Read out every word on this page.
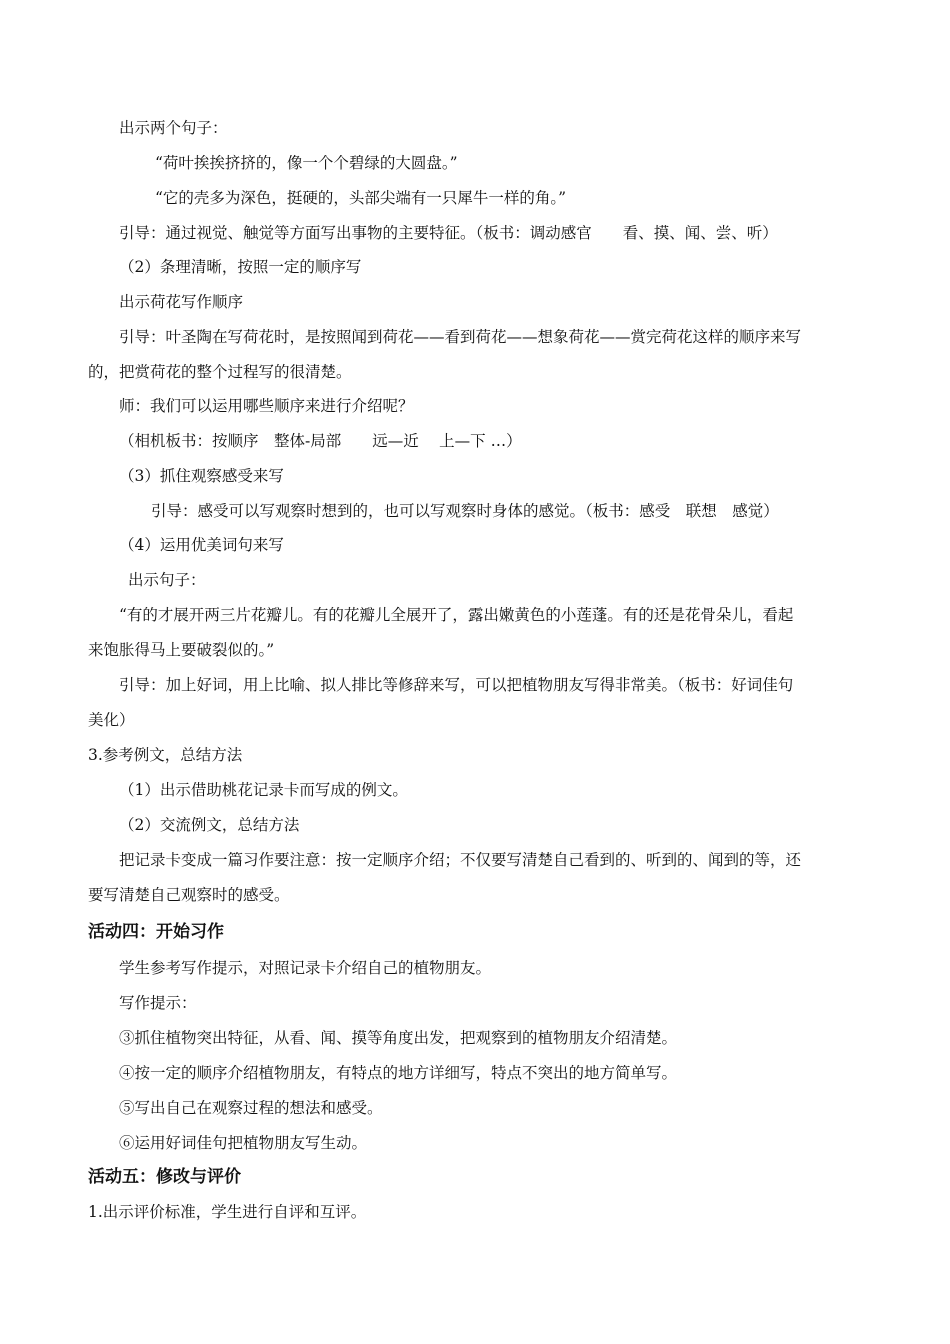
出示两个句子：

“荷叶挨挨挤挤的，像一个个碧绿的大圆盘。”

“它的壳多为深色，挺硬的，头部尖端有一只犀牛一样的角。”

引导：通过视觉、触觉等方面写出事物的主要特征。（板书：调动感官　　看、摸、闻、尝、听）

（2）条理清晰，按照一定的顺序写

出示荷花写作顺序

引导：叶圣陶在写荷花时，是按照闻到荷花——看到荷花——想象荷花——赏完荷花这样的顺序来写

的，把赏荷花的整个过程写的很清楚。

师：我们可以运用哪些顺序来进行介绍呢？

（相机板书：按顺序　整体-局部　　远—近　 上—下 …）

（3）抓住观察感受来写

引导：感受可以写观察时想到的，也可以写观察时身体的感觉。（板书：感受　联想　感觉）

（4）运用优美词句来写

出示句子：

“有的才展开两三片花瓣儿。有的花瓣儿全展开了，露出嫩黄色的小莲蓬。有的还是花骨朵儿，看起

来饱胀得马上要破裂似的。”

引导：加上好词，用上比喻、拟人排比等修辞来写，可以把植物朋友写得非常美。（板书：好词佳句

美化）

3.参考例文，总结方法

（1）出示借助桃花记录卡而写成的例文。

（2）交流例文，总结方法

把记录卡变成一篇习作要注意：按一定顺序介绍；不仅要写清楚自己看到的、听到的、闻到的等，还

要写清楚自己观察时的感受。

活动四：开始习作

学生参考写作提示，对照记录卡介绍自己的植物朋友。

写作提示：

③抓住植物突出特征，从看、闻、摸等角度出发，把观察到的植物朋友介绍清楚。

④按一定的顺序介绍植物朋友，有特点的地方详细写，特点不突出的地方简单写。

⑤写出自己在观察过程的想法和感受。

⑥运用好词佳句把植物朋友写生动。

活动五：修改与评价

1.出示评价标准，学生进行自评和互评。
